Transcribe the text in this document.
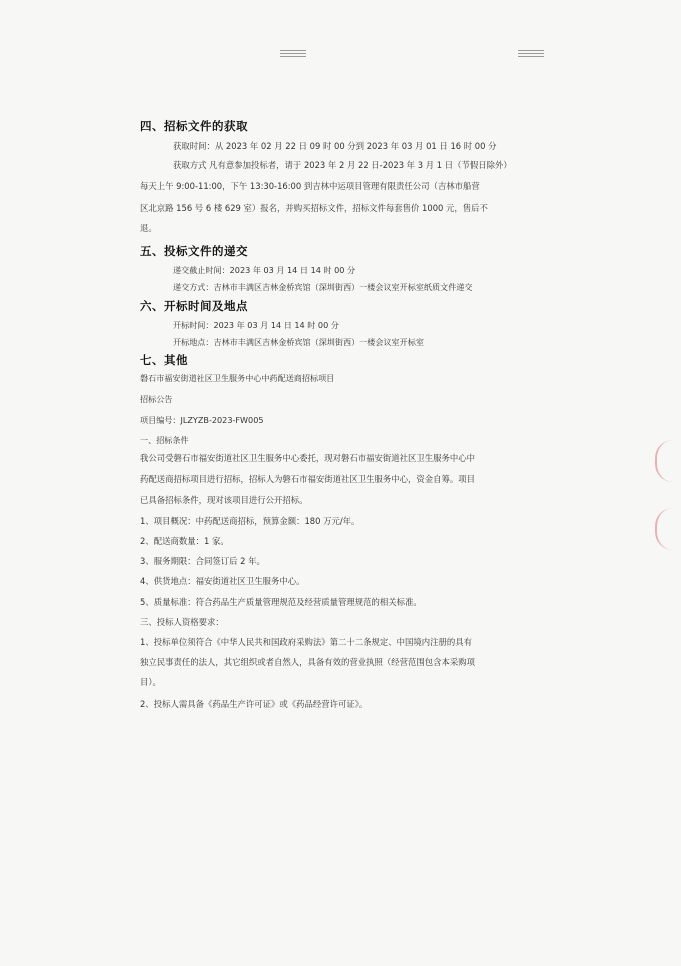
四、招标文件的获取
获取时间：从 2023 年 02 月 22 日 09 时 00 分到 2023 年 03 月 01 日 16 时 00 分
获取方式 凡有意参加投标者，请于 2023 年 2 月 22 日-2023 年 3 月 1 日（节假日除外）
每天上午 9:00-11:00，下午 13:30-16:00 到吉林中运项目管理有限责任公司（吉林市船营
区北京路 156 号 6 楼 629 室）报名，并购买招标文件，招标文件每套售价 1000 元，售后不
退。
五、投标文件的递交
递交截止时间：2023 年 03 月 14 日 14 时 00 分
递交方式：吉林市丰满区吉林金桥宾馆（深圳街西）一楼会议室开标室纸质文件递交
六、开标时间及地点
开标时间：2023 年 03 月 14 日 14 时 00 分
开标地点：吉林市丰满区吉林金桥宾馆（深圳街西）一楼会议室开标室
七、其他
磐石市福安街道社区卫生服务中心中药配送商招标项目
招标公告
项目编号：JLZYZB-2023-FW005
一、招标条件
我公司受磐石市福安街道社区卫生服务中心委托，现对磐石市福安街道社区卫生服务中心中
药配送商招标项目进行招标，招标人为磐石市福安街道社区卫生服务中心，资金自筹。项目
已具备招标条件，现对该项目进行公开招标。
1、项目概况：中药配送商招标，预算金额：180 万元/年。
2、配送商数量：1 家。
3、服务期限：合同签订后 2 年。
4、供货地点：福安街道社区卫生服务中心。
5、质量标准：符合药品生产质量管理规范及经营质量管理规范的相关标准。
三、投标人资格要求：
1、投标单位须符合《中华人民共和国政府采购法》第二十二条规定、中国境内注册的具有
独立民事责任的法人，其它组织或者自然人，具备有效的营业执照（经营范围包含本采购项
目）。
2、投标人需具备《药品生产许可证》或《药品经营许可证》。
